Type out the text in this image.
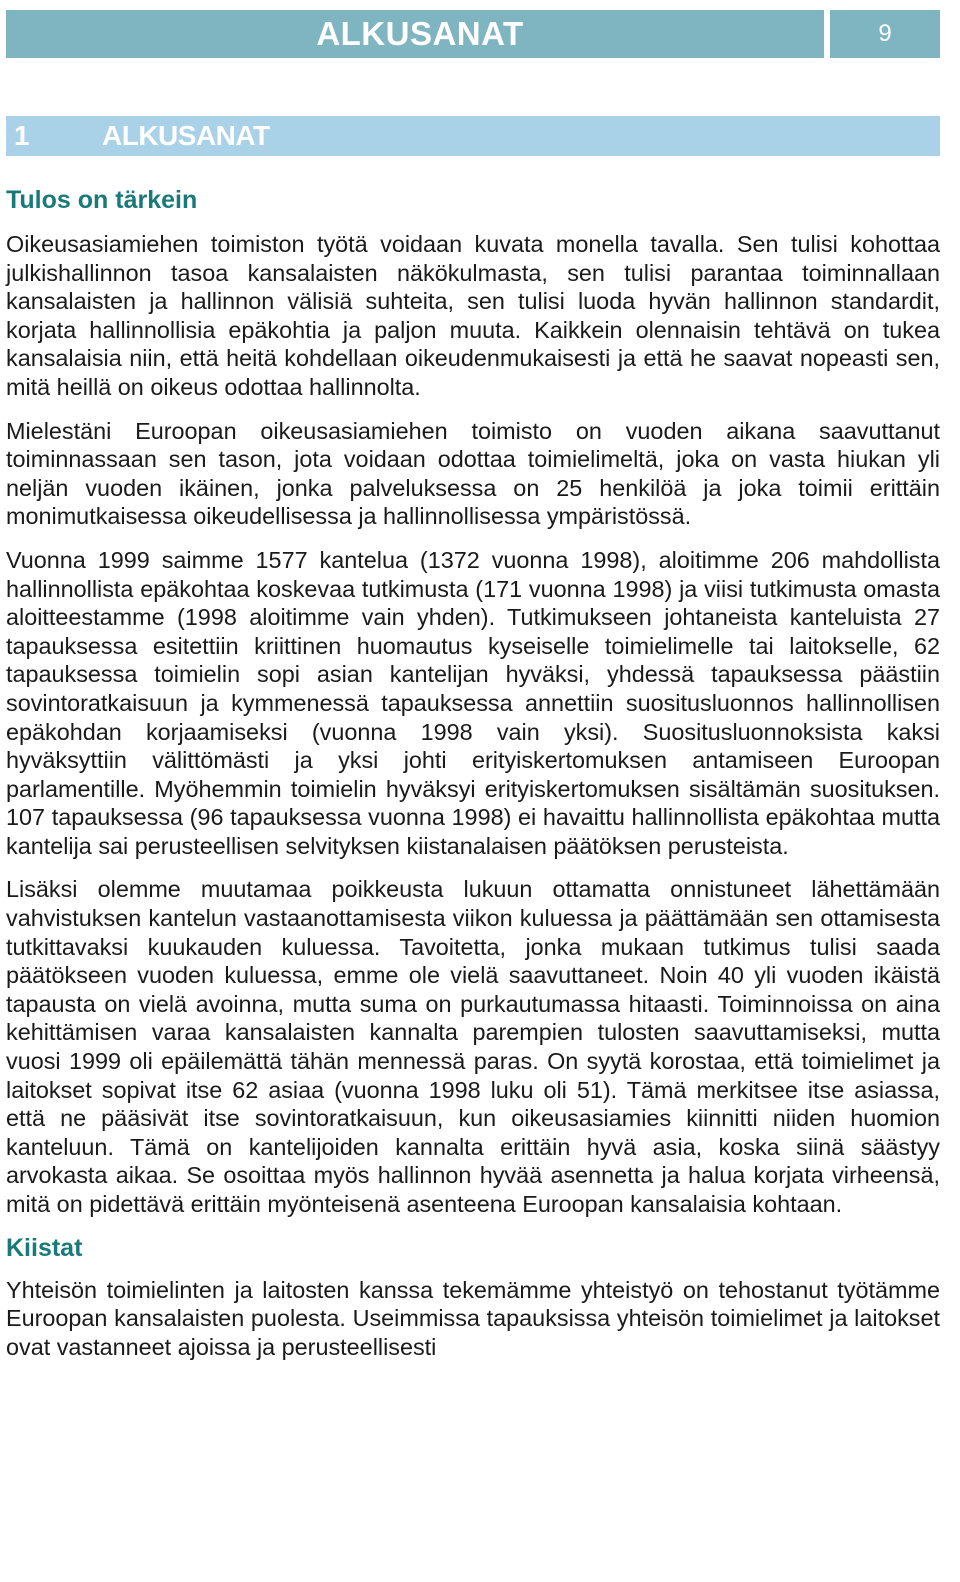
ALKUSANAT	9
1	ALKUSANAT
Tulos on tärkein

Oikeusasiamiehen toimiston työtä voidaan kuvata monella tavalla. Sen tulisi kohottaa julkishallinnon tasoa kansalaisten näkökulmasta, sen tulisi parantaa toiminnallaan kansalaisten ja hallinnon välisiä suhteita, sen tulisi luoda hyvän hallinnon standardit, korjata hallinnollisia epäkohtia ja paljon muuta. Kaikkein olennaisin tehtävä on tukea kansalaisia niin, että heitä kohdellaan oikeudenmukaisesti ja että he saavat nopeasti sen, mitä heillä on oikeus odottaa hallinnolta.

Mielestäni Euroopan oikeusasiamiehen toimisto on vuoden aikana saavuttanut toiminnassaan sen tason, jota voidaan odottaa toimielimeltä, joka on vasta hiukan yli neljän vuoden ikäinen, jonka palveluksessa on 25 henkilöä ja joka toimii erittäin monimutkaisessa oikeudellisessa ja hallinnollisessa ympäristössä.

Vuonna 1999 saimme 1577 kantelua (1372 vuonna 1998), aloitimme 206 mahdollista hallinnollista epäkohtaa koskevaa tutkimusta (171 vuonna 1998) ja viisi tutkimusta omasta aloitteestamme (1998 aloitimme vain yhden). Tutkimukseen johtaneista kanteluista 27 tapauksessa esitettiin kriittinen huomautus kyseiselle toimielimelle tai laitokselle, 62 tapauksessa toimielin sopi asian kantelijan hyväksi, yhdessä tapauksessa päästiin sovintoratkaisuun ja kymmenessä tapauksessa annettiin suositusluonnos hallinnollisen epäkohdan korjaamiseksi (vuonna 1998 vain yksi). Suositusluonnoksista kaksi hyväksyttiin välittömästi ja yksi johti erityiskertomuksen antamiseen Euroopan parlamentille. Myöhemmin toimielin hyväksyi erityiskertomuksen sisältämän suosituksen. 107 tapauksessa (96 tapauksessa vuonna 1998) ei havaittu hallinnollista epäkohtaa mutta kantelija sai perusteellisen selvityksen kiistanalaisen päätöksen perusteista.

Lisäksi olemme muutamaa poikkeusta lukuun ottamatta onnistuneet lähettämään vahvistuksen kantelun vastaanottamisesta viikon kuluessa ja päättämään sen ottamisesta tutkittavaksi kuukauden kuluessa. Tavoitetta, jonka mukaan tutkimus tulisi saada päätökseen vuoden kuluessa, emme ole vielä saavuttaneet. Noin 40 yli vuoden ikäistä tapausta on vielä avoinna, mutta suma on purkautumassa hitaasti. Toiminnoissa on aina kehittämisen varaa kansalaisten kannalta parempien tulosten saavuttamiseksi, mutta vuosi 1999 oli epäilemättä tähän mennessä paras. On syytä korostaa, että toimielimet ja laitokset sopivat itse 62 asiaa (vuonna 1998 luku oli 51). Tämä merkitsee itse asiassa, että ne pääsivät itse sovintoratkaisuun, kun oikeusasiamies kiinnitti niiden huomion kanteluun. Tämä on kantelijoiden kannalta erittäin hyvä asia, koska siinä säästyy arvokasta aikaa. Se osoittaa myös hallinnon hyvää asennetta ja halua korjata virheensä, mitä on pidettävä erittäin myönteisenä asenteena Euroopan kansalaisia kohtaan.

Kiistat

Yhteisön toimielinten ja laitosten kanssa tekemämme yhteistyö on tehostanut työtämme Euroopan kansalaisten puolesta. Useimmissa tapauksissa yhteisön toimielimet ja laitokset ovat vastanneet ajoissa ja perusteellisesti
